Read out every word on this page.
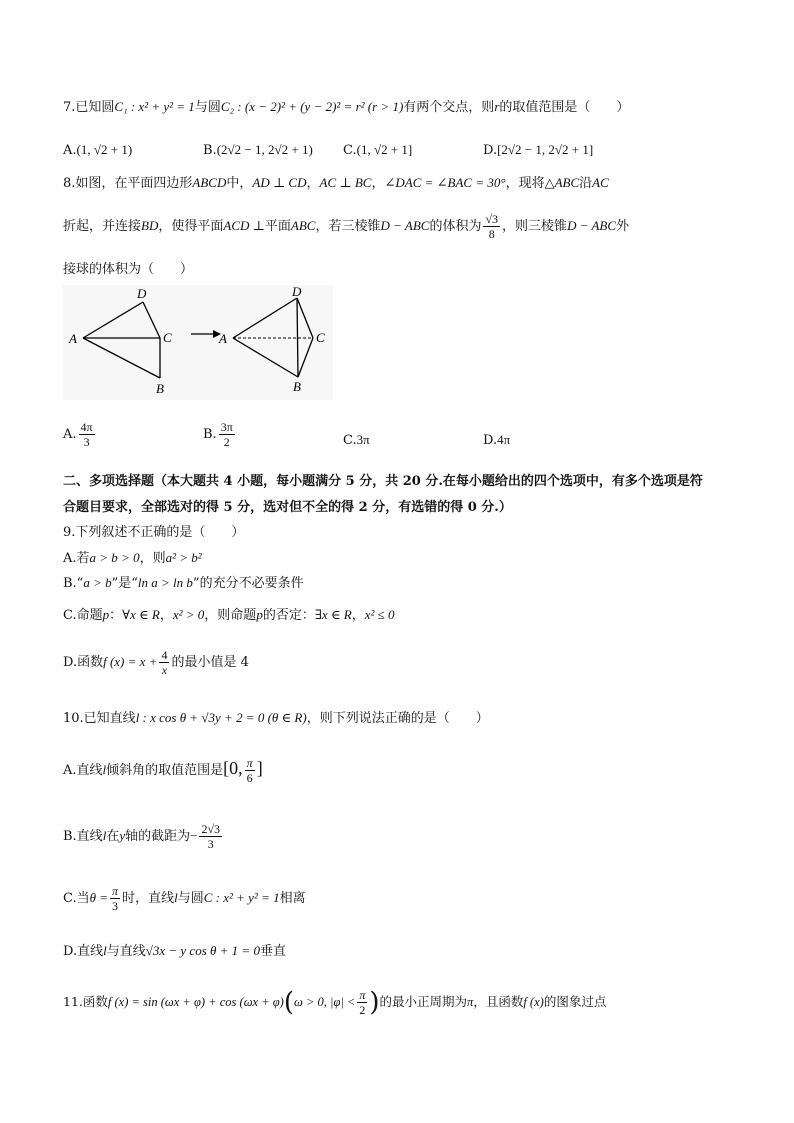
7.已知圆C₁ : x² + y² = 1与圆C₂ : (x − 2)² + (y − 2)² = r² (r > 1)有两个交点，则r的取值范围是（　　）
A.(1, √2 + 1)	B.(2√2 − 1, 2√2 + 1) C.(1, √2 + 1]	D.[2√2 − 1, 2√2 + 1]
8.如图，在平面四边形ABCD中，AD ⊥ CD，AC ⊥ BC，∠DAC = ∠BAC = 30°，现将△ABC沿AC
折起，并连接BD，使得平面ACD ⊥平面ABC，若三棱锥D − ABC的体积为 $\frac{√3}{8}$ ，则三棱锥D − ABC外
接球的体积为（　　）
D
A	C
B
D
A	C
B
A. $\frac{4\pi}{3}$	B. $\frac{3\pi}{2}$	C.3π	D.4π
二、多项选择题（本大题共 4 小题，每小题满分 5 分，共 20 分.在每小题给出的四个选项中，有多个选项是符
合题目要求，全部选对的得 5 分，选对但不全的得 2 分，有选错的得 0 分.）
9.下列叙述不正确的是（　　）
A.若a > b > 0，则a² > b²
B.“a > b”是“ln a > ln b”的充分不必要条件
C.命题p：∀x ∈ R，x² > 0，则命题p的否定：∃x ∈ R，x² ≤ 0
D.函数f $(x) = x + \frac{4}{x}$ 的最小值是 4
10.已知直线l : x cos θ + √3y + 2 = 0 (θ ∈ R)，则下列说法正确的是（　　）
A.直线l倾斜角的取值范围是[0, $\frac{\pi}{6}$ ]
B.直线l在y轴的截距为− $\frac{2√3}{3}$
C.当$\theta = \frac{\pi}{3}$ 时，直线l与圆C : x² + y² = 1相离
D.直线l与直线√3x − y cos θ + 1 = 0垂直
11.函数f (x) = sin (ωx + φ) + cos (ωx + φ)(ω > 0, $|\varphi| < \frac{\pi}{2}$ )的最小正周期为π，且函数f (x)的图象过点
